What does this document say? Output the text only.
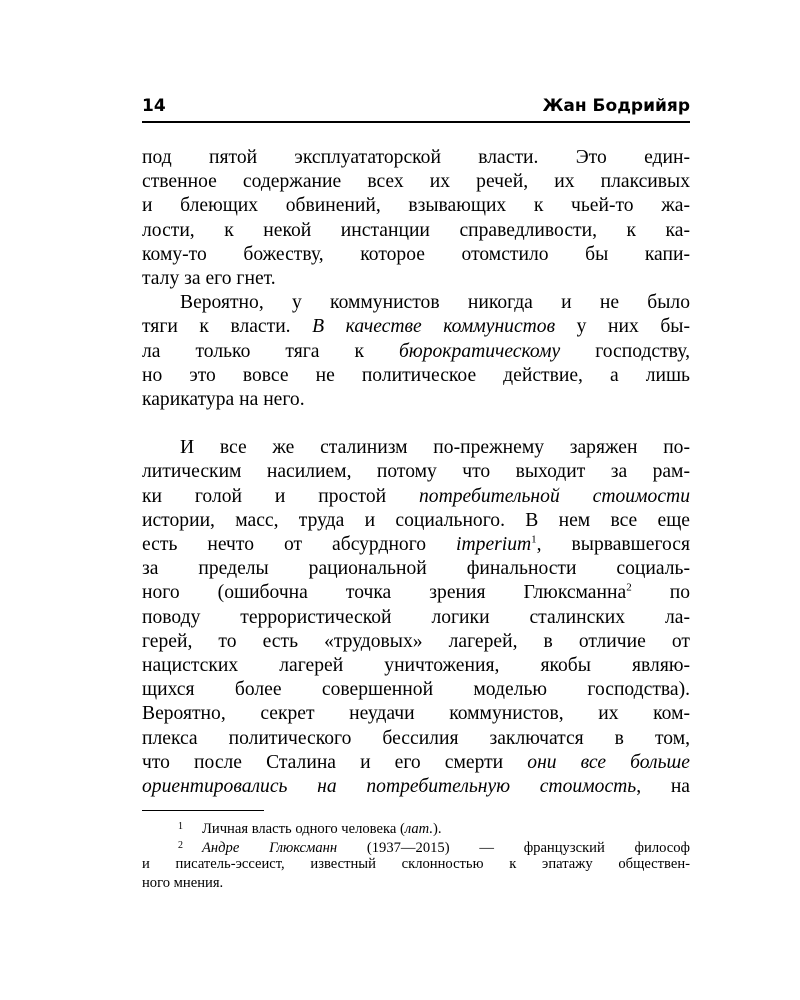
14	Жан Бодрийяр
под пятой эксплуататорской власти. Это един-
ственное содержание всех их речей, их плаксивых
и блеющих обвинений, взывающих к чьей-то жа-
лости, к некой инстанции справедливости, к ка-
кому-то божеству, которое отомстило бы капи-
талу за его гнет.
Вероятно, у коммунистов никогда и не было
тяги к власти. В качестве коммунистов у них бы-
ла только тяга к бюрократическому господству,
но это вовсе не политическое действие, а лишь
карикатура на него.
И все же сталинизм по-прежнему заряжен по-
литическим насилием, потому что выходит за рам-
ки голой и простой потребительной стоимости
истории, масс, труда и социального. В нем все еще
есть нечто от абсурдного imperium$^1$, вырвавшегося
за пределы рациональной финальности социаль-
ного (ошибочна точка зрения Глюксманна$^2$ по
поводу террористической логики сталинских ла-
герей, то есть «трудовых» лагерей, в отличие от
нацистских лагерей уничтожения, якобы являю-
щихся более совершенной моделью господства).
Вероятно, секрет неудачи коммунистов, их ком-
плекса политического бессилия заключатся в том,
что после Сталина и его смерти они все больше
ориентировались на потребительную стоимость, на
1 Личная власть одного человека (лат.).
2 Андре Глюксманн (1937—2015) — французский философ
и писатель-эссеист, известный склонностью к эпатажу обществен-
ного мнения.
